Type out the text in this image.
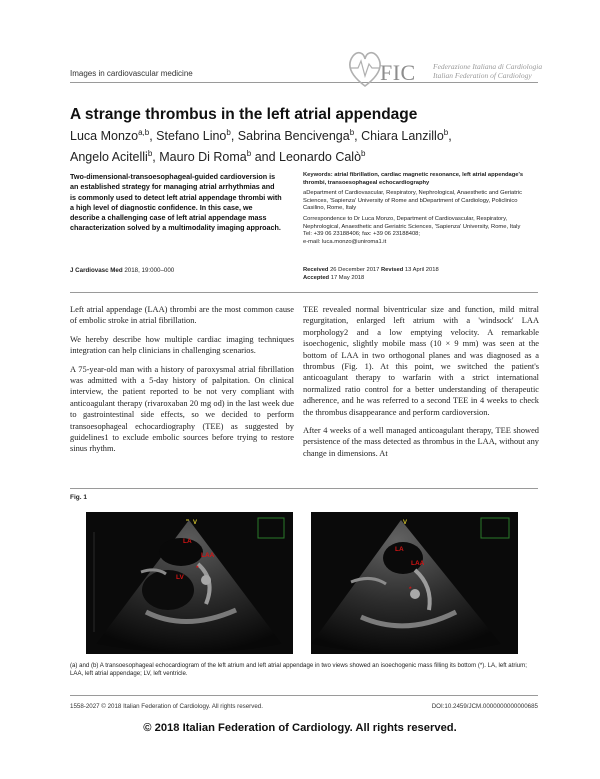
Images in cardiovascular medicine	FIC Federazione Italiana di Cardiologia
Italian Federation of Cardiology
A strange thrombus in the left atrial appendage
Luca Monzo$^{a,b}$, Stefano Lino$^b$, Sabrina Bencivenga$^b$, Chiara Lanzillo$^b$,
Angelo Acitelli$^b$, Mauro Di Roma$^b$ and Leonardo Calò$^b$
Two-dimensional-transoesophageal-guided cardioversion is an established strategy for managing atrial arrhythmias and is commonly used to detect left atrial appendage thrombi with a high level of diagnostic confidence. In this case, we describe a challenging case of left atrial appendage mass characterization solved by a multimodality imaging approach.
J Cardiovasc Med 2018, 19:000–000

Keywords: atrial fibrillation, cardiac magnetic resonance, left atrial appendage's thrombi, transoesophageal echocardiography

aDepartment of Cardiovascular, Respiratory, Nephrological, Anaesthetic and Geriatric Sciences, 'Sapienza' University of Rome and bDepartment of Cardiology, Policlinico Casilino, Rome, Italy

Correspondence to Dr Luca Monzo, Department of Cardiovascular, Respiratory, Nephrological, Anaesthetic and Geriatric Sciences, 'Sapienza' University, Rome, Italy

Tel: +39 06 23188406; fax: +39 06 23188408;

e-mail: luca.monzo@uniroma1.it

Received 26 December 2017 Revised 13 April 2018
Accepted 17 May 2018

Left atrial appendage (LAA) thrombi are the most common cause of embolic stroke in atrial fibrillation.

We hereby describe how multiple cardiac imaging techniques integration can help clinicians in challenging scenarios.

A 75-year-old man with a history of paroxysmal atrial fibrillation was admitted with a 5-day history of palpitation. On clinical interview, the patient reported to be not very compliant with anticoagulant therapy (rivaroxaban 20 mg od) in the last week due to gastrointestinal side effects, so we decided to perform transoesophageal echocardiography (TEE) as suggested by guidelines1 to exclude embolic sources before trying to restore sinus rhythm.

TEE revealed normal biventricular size and function, mild mitral regurgitation, enlarged left atrium with a 'windsock' LAA morphology2 and a low emptying velocity. A remarkable isoechogenic, slightly mobile mass (10 × 9 mm) was seen at the bottom of LAA in two orthogonal planes and was diagnosed as a thrombus (Fig. 1). At this point, we switched the patient's anticoagulant therapy to warfarin with a strict international normalized ratio control for a better understanding of therapeutic adherence, and he was referred to a second TEE in 4 weeks to check the thrombus disappearance and perform cardioversion.

After 4 weeks of a well managed anticoagulant therapy, TEE showed persistence of the mass detected as thrombus in the LAA, without any change in dimensions. At

Fig. 1
V
LA
LAA
*
LV
V
LA
LAA
*
(a) and (b) A transoesophageal echocardiogram of the left atrium and left atrial appendage in two views showed an isoechogenic mass filling its bottom (*). LA, left atrium; LAA, left atrial appendage; LV, left ventricle.
1558-2027 © 2018 Italian Federation of Cardiology. All rights reserved.	DOI:10.2459/JCM.0000000000000685
© 2018 Italian Federation of Cardiology. All rights reserved.
